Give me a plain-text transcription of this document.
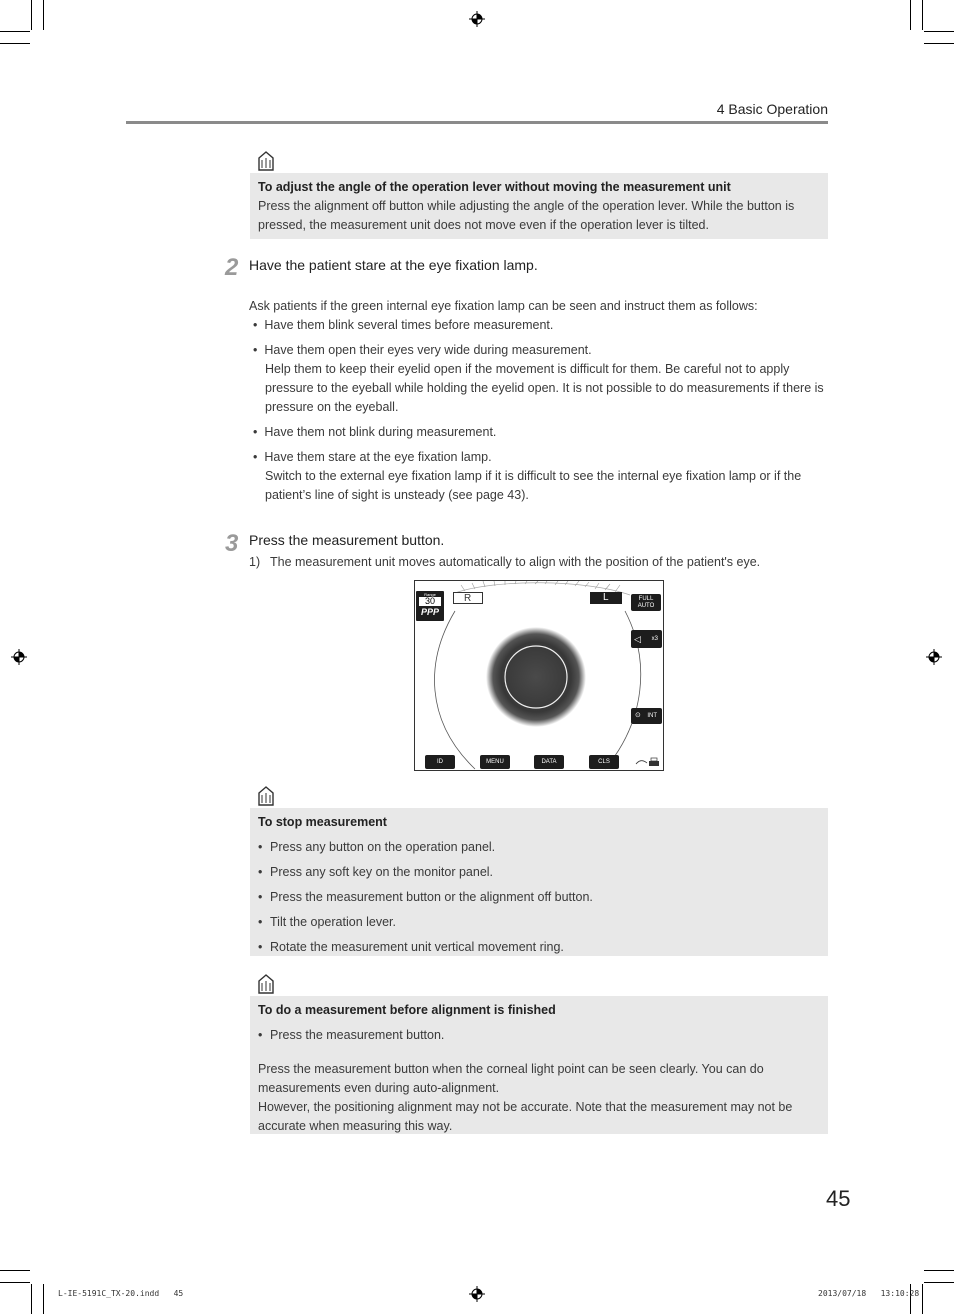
4 Basic Operation
To adjust the angle of the operation lever without moving the measurement unit
Press the alignment off button while adjusting the angle of the operation lever. While the button is pressed, the measurement unit does not move even if the operation lever is tilted.
2 Have the patient stare at the eye fixation lamp.
Ask patients if the green internal eye fixation lamp can be seen and instruct them as follows:
• Have them blink several times before measurement.
• Have them open their eyes very wide during measurement.
Help them to keep their eyelid open if the movement is difficult for them. Be careful not to apply pressure to the eyeball while holding the eyelid open. It is not possible to do measurements if there is pressure on the eyeball.
• Have them not blink during measurement.
• Have them stare at the eye fixation lamp.
Switch to the external eye fixation lamp if it is difficult to see the internal eye fixation lamp or if the patient’s line of sight is unsteady (see page 43).
3 Press the measurement button.
1) The measurement unit moves automatically to align with the position of the patient's eye.
Range
30
PPP
R	L	FULL
AUTO
◁ x3
⊙ INT
ID	MENU	DATA	CLS
To stop measurement
• Press any button on the operation panel.
• Press any soft key on the monitor panel.
• Press the measurement button or the alignment off button.
• Tilt the operation lever.
• Rotate the measurement unit vertical movement ring.
To do a measurement before alignment is finished
• Press the measurement button.
Press the measurement button when the corneal light point can be seen clearly. You can do measurements even during auto-alignment.
However, the positioning alignment may not be accurate. Note that the measurement may not be accurate when measuring this way.
45
L-IE-5191C_TX-20.indd   45	2013/07/18   13:10:28
